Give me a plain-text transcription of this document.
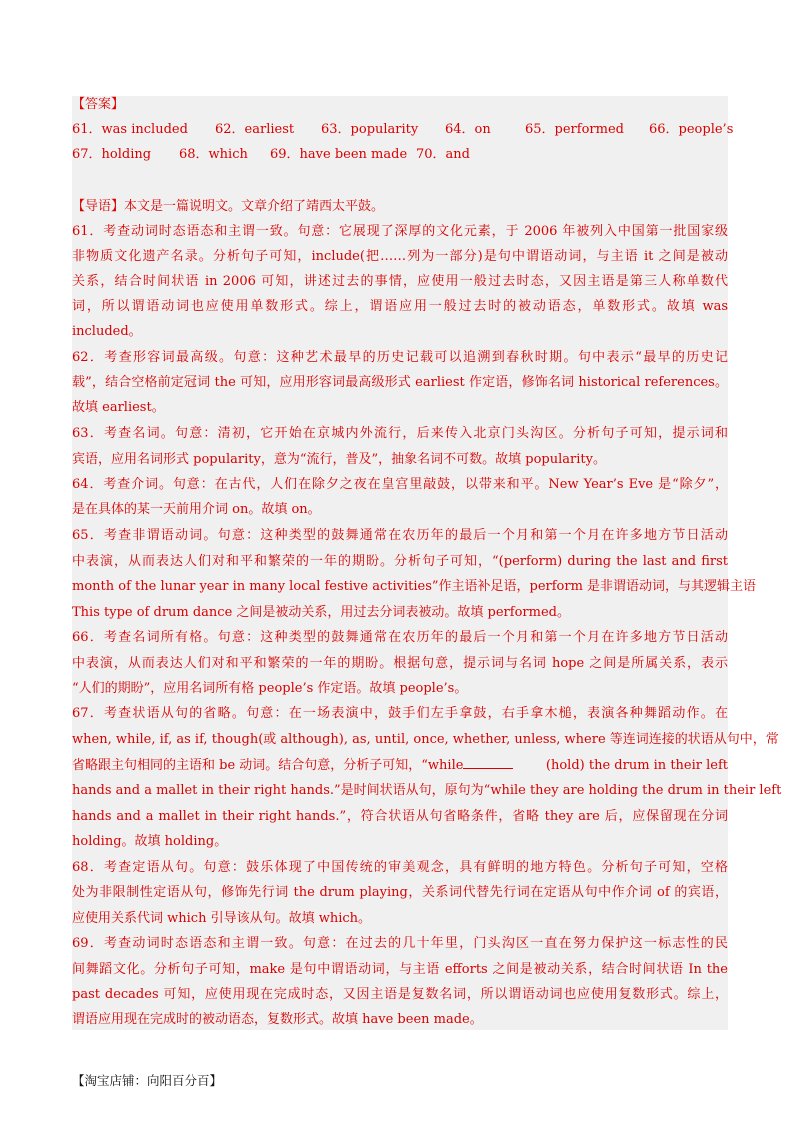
【答案】
61．was included 62．earliest 63．popularity 64．on	65．performed 66．people’s
67．holding 68．which 69．have been made 70．and
【导语】本文是一篇说明文。文章介绍了靖西太平鼓。
61．考查动词时态语态和主谓一致。句意：它展现了深厚的文化元素，于 2006 年被列入中国第一批国家级
非物质文化遗产名录。分析句子可知，include(把……列为一部分)是句中谓语动词，与主语 it 之间是被动
关系，结合时间状语 in 2006 可知，讲述过去的事情，应使用一般过去时态，又因主语是第三人称单数代
词，所以谓语动词也应使用单数形式。综上，谓语应用一般过去时的被动语态，单数形式。故填 was
included。
62．考查形容词最高级。句意：这种艺术最早的历史记载可以追溯到春秋时期。句中表示“最早的历史记
载”，结合空格前定冠词 the 可知，应用形容词最高级形式 earliest 作定语，修饰名词 historical references。
故填 earliest。
63．考查名词。句意：清初，它开始在京城内外流行，后来传入北京门头沟区。分析句子可知，提示词和
宾语，应用名词形式 popularity，意为“流行，普及”，抽象名词不可数。故填 popularity。
64．考查介词。句意：在古代，人们在除夕之夜在皇宫里敲鼓，以带来和平。New Year’s Eve 是“除夕”，
是在具体的某一天前用介词 on。故填 on。
65．考查非谓语动词。句意：这种类型的鼓舞通常在农历年的最后一个月和第一个月在许多地方节日活动
中表演，从而表达人们对和平和繁荣的一年的期盼。分析句子可知，“(perform) during the last and first
month of the lunar year in many local festive activities”作主语补足语，perform 是非谓语动词，与其逻辑主语
This type of drum dance 之间是被动关系，用过去分词表被动。故填 performed。
66．考查名词所有格。句意：这种类型的鼓舞通常在农历年的最后一个月和第一个月在许多地方节日活动
中表演，从而表达人们对和平和繁荣的一年的期盼。根据句意，提示词与名词 hope 之间是所属关系，表示
“人们的期盼”，应用名词所有格 people’s 作定语。故填 people’s。
67．考查状语从句的省略。句意：在一场表演中，鼓手们左手拿鼓，右手拿木槌，表演各种舞蹈动作。在
when, while, if, as if, though(或 although), as, until, once, whether, unless, where 等连词连接的状语从句中，常
省略跟主句相同的主语和 be 动词。结合句意，分析子可知，“while	(hold) the drum in their left
hands and a mallet in their right hands.”是时间状语从句，原句为“while they are holding the drum in their left
hands and a mallet in their right hands.”，符合状语从句省略条件，省略 they are 后，应保留现在分词
holding。故填 holding。
68．考查定语从句。句意：鼓乐体现了中国传统的审美观念，具有鲜明的地方特色。分析句子可知，空格
处为非限制性定语从句，修饰先行词 the drum playing，关系词代替先行词在定语从句中作介词 of 的宾语，
应使用关系代词 which 引导该从句。故填 which。
69．考查动词时态语态和主谓一致。句意：在过去的几十年里，门头沟区一直在努力保护这一标志性的民
间舞蹈文化。分析句子可知，make 是句中谓语动词，与主语 efforts 之间是被动关系，结合时间状语 In the
past decades 可知，应使用现在完成时态，又因主语是复数名词，所以谓语动词也应使用复数形式。综上，
谓语应用现在完成时的被动语态，复数形式。故填 have been made。
【淘宝店铺：向阳百分百】
